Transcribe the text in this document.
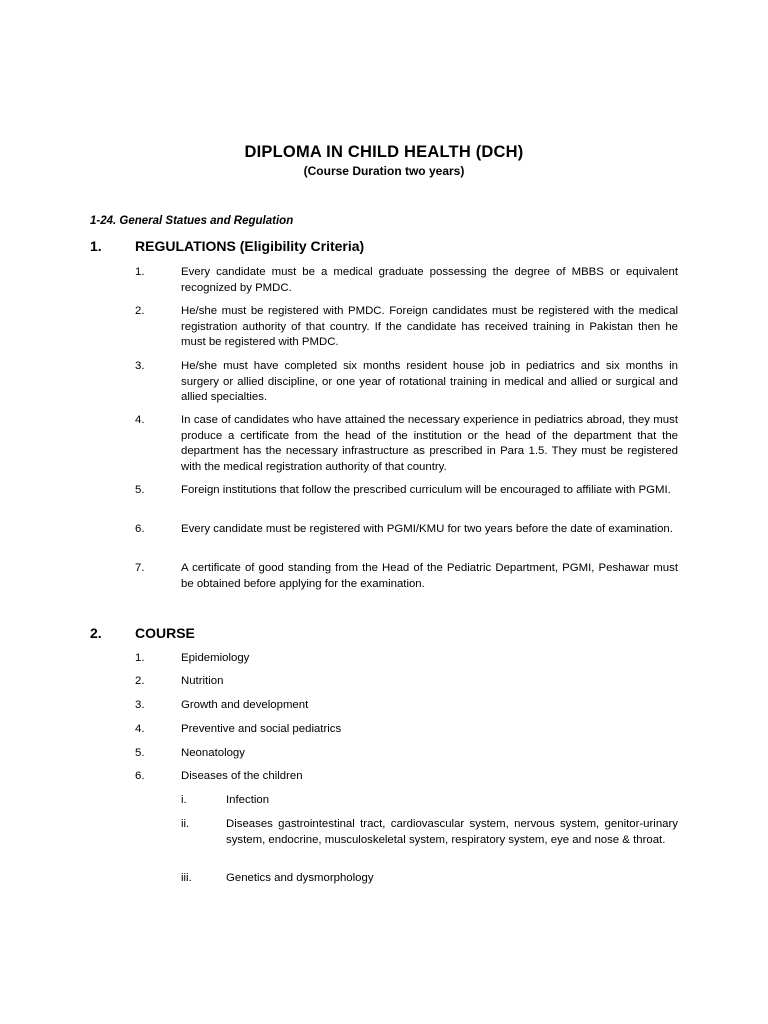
DIPLOMA IN CHILD HEALTH (DCH)
(Course Duration two years)
1-24. General Statues and Regulation
1. REGULATIONS (Eligibility Criteria)
1.	Every candidate must be a medical graduate possessing the degree of MBBS or equivalent recognized by PMDC.
2.	He/she must be registered with PMDC. Foreign candidates must be registered with the medical registration authority of that country. If the candidate has received training in Pakistan then he must be registered with PMDC.
3.	He/she must have completed six months resident house job in pediatrics and six months in surgery or allied discipline, or one year of rotational training in medical and allied or surgical and allied specialties.
4.	In case of candidates who have attained the necessary experience in pediatrics abroad, they must produce a certificate from the head of the institution or the head of the department that the department has the necessary infrastructure as prescribed in Para 1.5. They must be registered with the medical registration authority of that country.
5.	Foreign institutions that follow the prescribed curriculum will be encouraged to affiliate with PGMI.
6.	Every candidate must be registered with PGMI/KMU for two years before the date of examination.
7.	A certificate of good standing from the Head of the Pediatric Department, PGMI, Peshawar must be obtained before applying for the examination.
2. COURSE
1.	Epidemiology
2.	Nutrition
3.	Growth and development
4.	Preventive and social pediatrics
5.	Neonatology
6.	Diseases of the children
i.	Infection
ii.	Diseases gastrointestinal tract, cardiovascular system, nervous system, genitor-urinary system, endocrine, musculoskeletal system, respiratory system, eye and nose & throat.
iii.	Genetics and dysmorphology
